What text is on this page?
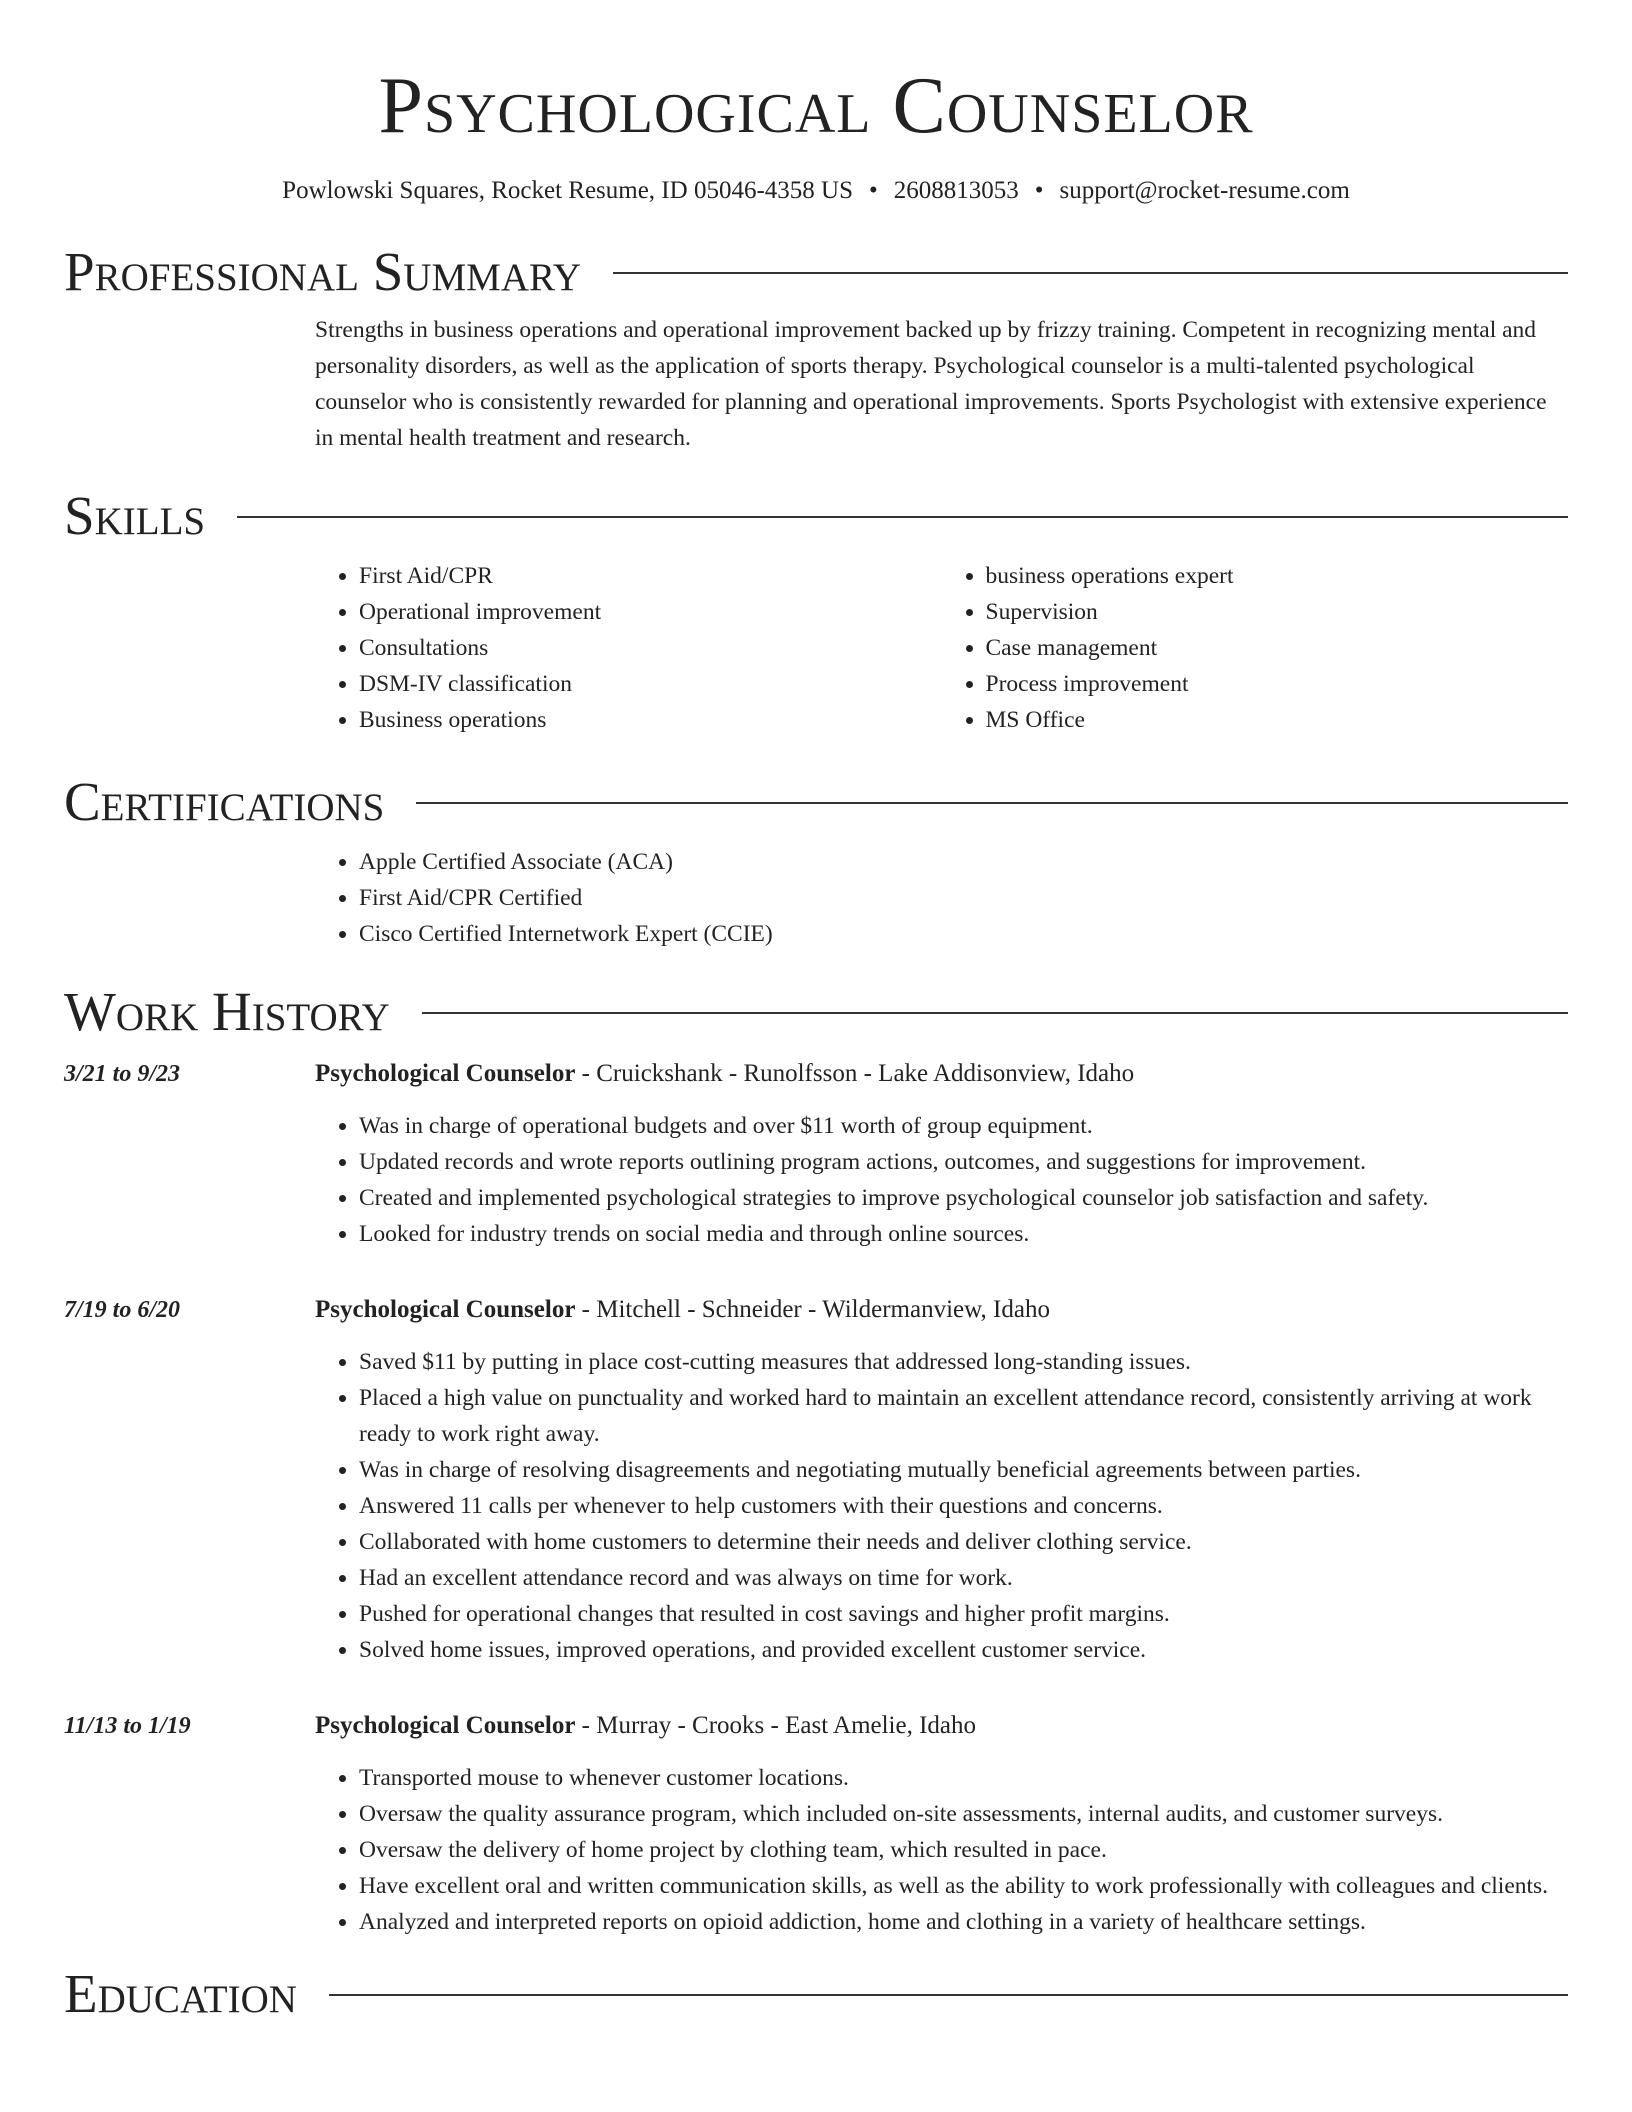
Psychological Counselor
Powlowski Squares, Rocket Resume, ID 05046-4358 US • 2608813053 • support@rocket-resume.com
Professional Summary

Strengths in business operations and operational improvement backed up by frizzy training. Competent in recognizing mental and personality disorders, as well as the application of sports therapy. Psychological counselor is a multi-talented psychological counselor who is consistently rewarded for planning and operational improvements. Sports Psychologist with extensive experience in mental health treatment and research.

Skills
• First Aid/CPR
• Operational improvement
• Consultations
• DSM-IV classification
• Business operations
• business operations expert
• Supervision
• Case management
• Process improvement
• MS Office
Certifications
• Apple Certified Associate (ACA)
• First Aid/CPR Certified
• Cisco Certified Internetwork Expert (CCIE)
Work History
3/21 to 9/23	Psychological Counselor - Cruickshank - Runolfsson - Lake Addisonview, Idaho
• Was in charge of operational budgets and over $11 worth of group equipment.
• Updated records and wrote reports outlining program actions, outcomes, and suggestions for improvement.
• Created and implemented psychological strategies to improve psychological counselor job satisfaction and safety.
• Looked for industry trends on social media and through online sources.
7/19 to 6/20	Psychological Counselor - Mitchell - Schneider - Wildermanview, Idaho
• Saved $11 by putting in place cost-cutting measures that addressed long-standing issues.
• Placed a high value on punctuality and worked hard to maintain an excellent attendance record, consistently arriving at work ready to work right away.
• Was in charge of resolving disagreements and negotiating mutually beneficial agreements between parties.
• Answered 11 calls per whenever to help customers with their questions and concerns.
• Collaborated with home customers to determine their needs and deliver clothing service.
• Had an excellent attendance record and was always on time for work.
• Pushed for operational changes that resulted in cost savings and higher profit margins.
• Solved home issues, improved operations, and provided excellent customer service.
11/13 to 1/19	Psychological Counselor - Murray - Crooks - East Amelie, Idaho
• Transported mouse to whenever customer locations.
• Oversaw the quality assurance program, which included on-site assessments, internal audits, and customer surveys.
• Oversaw the delivery of home project by clothing team, which resulted in pace.
• Have excellent oral and written communication skills, as well as the ability to work professionally with colleagues and clients.
• Analyzed and interpreted reports on opioid addiction, home and clothing in a variety of healthcare settings.
Education
